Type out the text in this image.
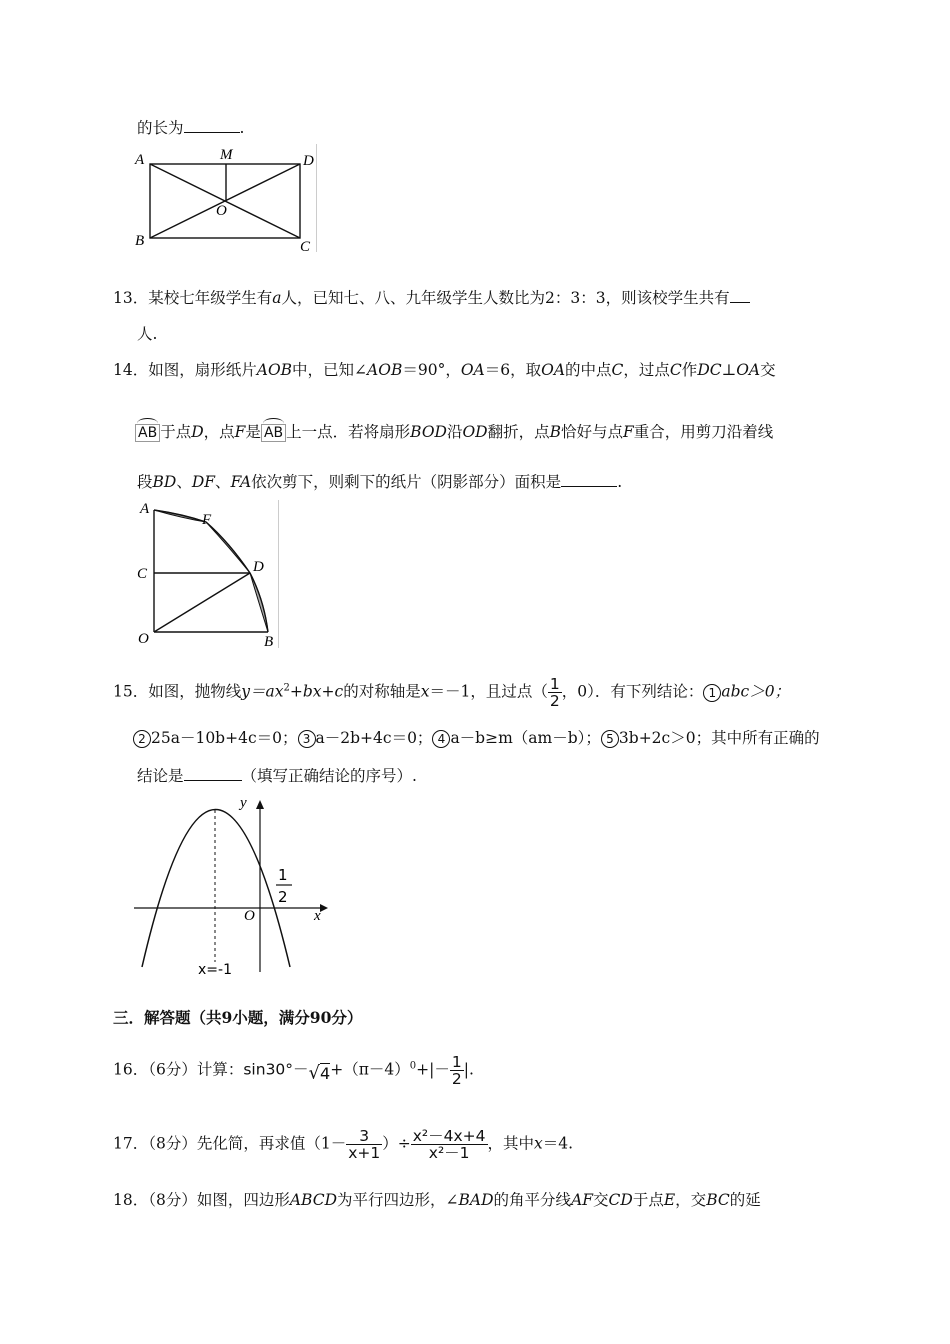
的长为	.
A	M	D
O
B	C
13．某校七年级学生有a人，已知七、八、九年级学生人数比为2：3：3，则该校学生共有
人.
14．如图，扇形纸片AOB中，已知∠AOB＝90°，OA＝6，取OA的中点C，过点C作DC⊥OA交
AB 于点D，点F是 AB 上一点．若将扇形BOD沿OD翻折，点B恰好与点F重合，用剪刀沿着线
段BD、DF、FA依次剪下，则剩下的纸片（阴影部分）面积是	.
A
F
C	D
O	B
15．如图，抛物线$y=ax^2+bx+c$的对称轴是x＝－1，且过点（ $\frac{1}{2}$ ，0）．有下列结论： 1 abc＞0；
2 25a－10b+4c＝0； 3 a－2b+4c＝0； 4 a－b≥m（am－b）； 5 3b+2c＞0；其中所有正确的
结论是	（填写正确结论的序号）.
y
x
O
1
2
x=-1
三．解答题（共9小题，满分90分）
16．（6分）计算：$\sin 30^\circ-√4+(\pi-4)^0+|- \frac{1}{2}$ |.
17．（8分）先化简，再求值（$1- \frac{3}{x+1}$ ）÷ $\frac{\text{x²－4x+4}}{\text{x²－1}}$ ，其中x＝4.
18．（8分）如图，四边形ABCD为平行四边形，∠BAD的角平分线AF交CD于点E，交BC的延
